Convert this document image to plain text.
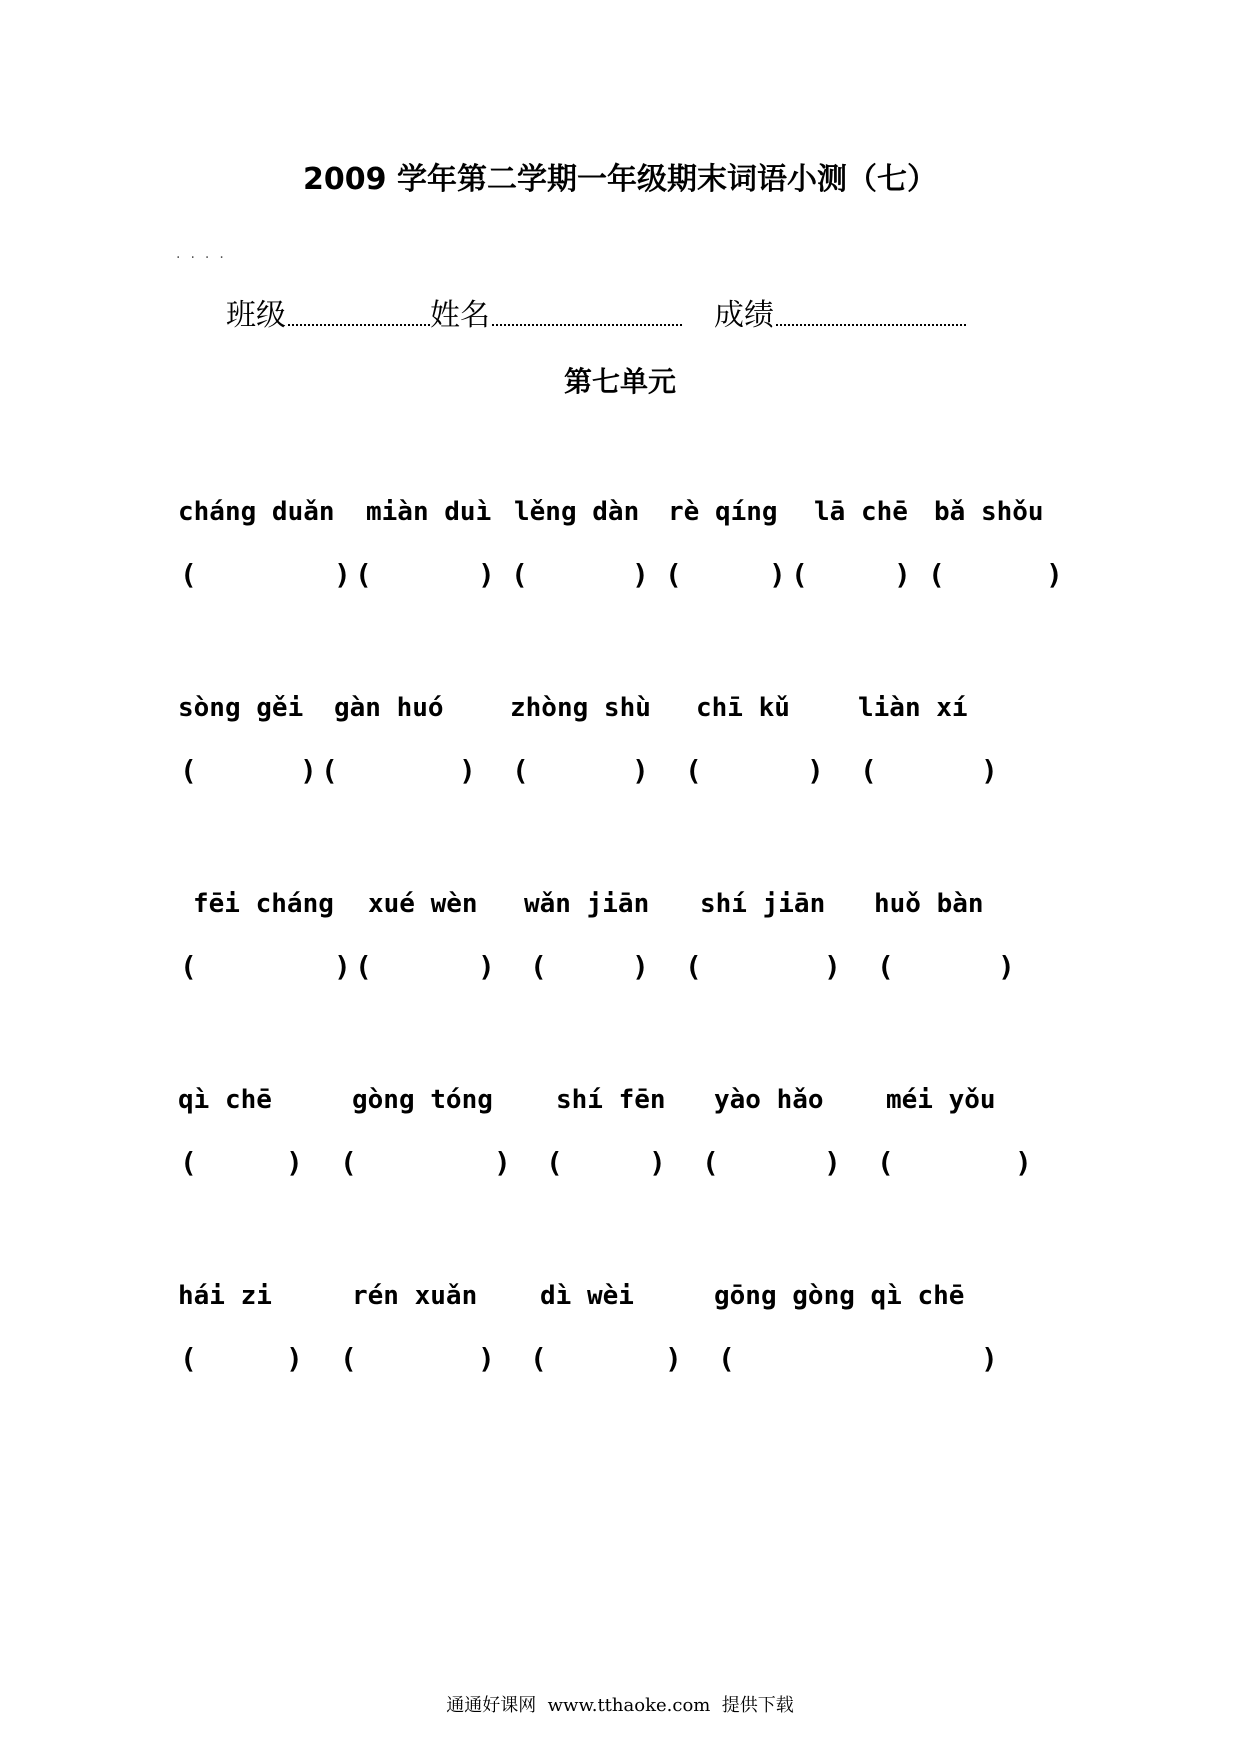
2009 学年第二学期一年级期末词语小测（七）
....
班级	姓名	成绩
第七单元
cháng duǎn miàn duì lěng dàn rè qíng lā chē bǎ shǒu
(	) (	) (	) (	) (	) (	)
sòng gěi gàn huó	zhòng shù chī kǔ	liàn xí
(	) (	) (	) (	) (	)
fēi cháng xué wèn wǎn jiān shí jiān huǒ bàn
(	) (	) (	) (	) (	)
qì chē	gòng tóng shí fēn yào hǎo méi yǒu
(	) (	) (	) (	) (	)
hái zi	rén xuǎn dì wèi	gōng gòng qì chē
(	) (	) (	) (	)
通通好课网  www.tthaoke.com  提供下载
